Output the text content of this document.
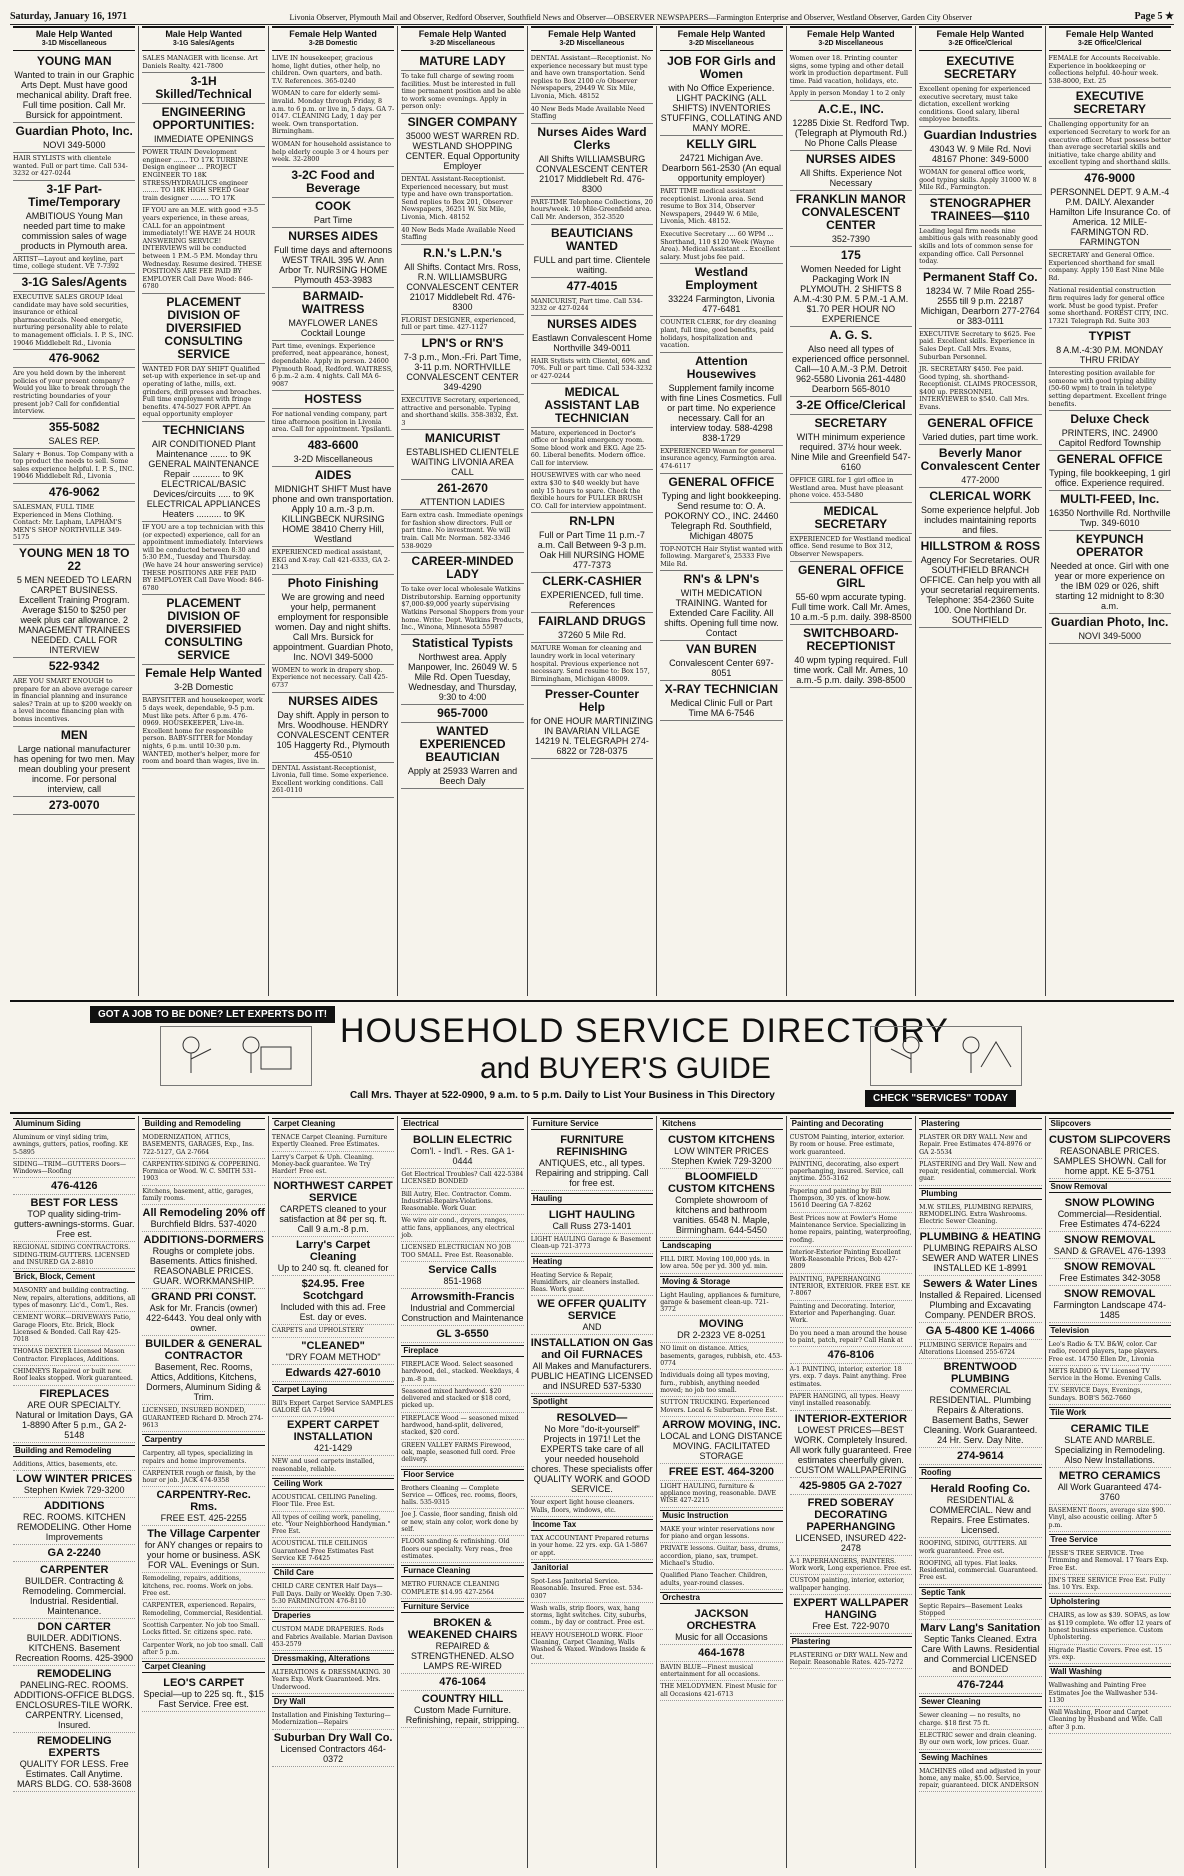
Saturday, January 16, 1971	Livonia Observer, Plymouth Mail and Observer, Redford Observer, Southfield News and Observer—OBSERVER NEWSPAPERS—Farmington Enterprise and Observer, Westland Observer, Garden City Observer	Page 5 ★
Male Help Wanted
3-1D Miscellaneous
YOUNG MAN
Wanted to train in our Graphic Arts Dept. Must have good mechanical ability. Draft free. Full time position. Call Mr. Bursick for appointment.
Guardian Photo, Inc.
NOVI 349-5000
HAIR STYLISTS with clientele wanted. Full or part time. Call 534-3232 or 427-0244
3-1F Part-Time/Temporary
AMBITIOUS Young Man needed part time to make commission sales of wage products in Plymouth area.
ARTIST—Layout and keyline, part time, college student. VE 7-7392
3-1G Sales/Agents
EXECUTIVE SALES GROUP Ideal candidate may have sold securities, insurance or ethical pharmaceuticals. Need energetic, nurturing personality able to relate to management officials. I. P. S., INC. 19046 Middlebelt Rd., Livonia
476-9062
Are you held down by the inherent policies of your present company? Would you like to break through the restricting boundaries of your present job? Call for confidential interview.
355-5082
SALES REP.
Salary + Bonus. Top Company with a top product the needs to sell. Some sales experience helpful. I. P. S., INC. 19046 Middlebelt Rd., Livonia
476-9062
SALESMAN, FULL TIME Experienced in Mens Clothing. Contact: Mr. Lapham, LAPHAM'S MEN'S SHOP NORTHVILLE 349-5175
YOUNG MEN 18 TO 22
5 MEN NEEDED TO LEARN CARPET BUSINESS. Excellent Training Program. Average $150 to $250 per week plus car allowance. 2 MANAGEMENT TRAINEES NEEDED. CALL FOR INTERVIEW
522-9342
ARE YOU SMART ENOUGH to prepare for an above average career in financial planning and insurance sales? Train at up to $200 weekly on a level income financing plan with bonus incentives.
MEN
Large national manufacturer has opening for two men. May mean doubling your present income. For personal interview, call
273-0070
Male Help Wanted
3-1G Sales/Agents
SALES MANAGER with license. Art Daniels Realty. 421-7800
3-1H Skilled/Technical
ENGINEERING OPPORTUNITIES:
IMMEDIATE OPENINGS
POWER TRAIN Development engineer ....... TO 17K TURBINE Design engineer ... PROJECT ENGINEER TO 18K STRESS/HYDRAULICS engineer ........ TO 18K HIGH SPEED Gear train designer ......... TO 17K
IF YOU are an M.E. with good +3-5 years experience, in these areas, CALL for an appointment immediately!! WE HAVE 24 HOUR ANSWERING SERVICE! INTERVIEWS will be conducted between 1 P.M.-5 P.M. Monday thru Wednesday. Resume desired. THESE POSITIONS ARE FEE PAID BY EMPLOYER Call Dave Wood: 846-6780
PLACEMENT DIVISION OF DIVERSIFIED CONSULTING SERVICE
WANTED FOR DAY SHIFT Qualified set-up with experience in set-up and operating of lathe, mills, ext. grinders, drill presses and broaches. Full time employment with fringe benefits. 474-5027 FOR APPT. An equal opportunity employer
TECHNICIANS
AIR CONDITIONED Plant Maintenance ....... to 9K GENERAL MAINTENANCE Repair ........... to 9K ELECTRICAL/BASIC Devices/circuits ..... to 9K ELECTRICAL APPLIANCES Heaters .......... to 9K
IF YOU are a top technician with this (or expected) experience, call for an appointment immediately. Interviews will be conducted between 8:30 and 5:30 P.M., Tuesday and Thursday. (We have 24 hour answering service) THESE POSITIONS ARE FEE PAID BY EMPLOYER Call Dave Wood: 846-6780
PLACEMENT DIVISION OF DIVERSIFIED CONSULTING SERVICE
Female Help Wanted
3-2B Domestic
BABYSITTER and housekeeper, work 5 days week, dependable, 9-5 p.m. Must like pets. After 6 p.m. 476-0969. HOUSEKEEPER, Live-in. Excellent home for responsible person. BABY-SITTER for Monday nights, 6 p.m. until 10:30 p.m. WANTED, mother's helper, more for room and board than wages, live in.
Female Help Wanted
3-2B Domestic
LIVE IN housekeeper, gracious home, light duties, other help, no children. Own quarters, and bath. T.V. References. 365-0240
WOMAN to care for elderly semi-invalid. Monday through Friday, 8 a.m. to 6 p.m. or live in, 5 days. GA 7-0147. CLEANING Lady, 1 day per week. Own transportation. Birmingham.
WOMAN for household assistance to help elderly couple 3 or 4 hours per week. 32-2800
3-2C Food and Beverage
COOK
Part Time
NURSES AIDES
Full time days and afternoons WEST TRAIL 395 W. Ann Arbor Tr. NURSING HOME Plymouth 453-3983
BARMAID-WAITRESS
MAYFLOWER LANES Cocktail Lounge
Part time, evenings. Experience preferred, neat appearance, honest, dependable. Apply in person. 24600 Plymouth Road, Redford. WAITRESS, 6 p.m.-2 a.m. 4 nights. Call MA 6-9087
HOSTESS
For national vending company, part time afternoon position in Livonia area. Call for appointment. Ypsilanti.
483-6600
3-2D Miscellaneous
AIDES
MIDNIGHT SHIFT Must have phone and own transportation. Apply 10 a.m.-3 p.m. KILLINGBECK NURSING HOME 38410 Cherry Hill, Westland
EXPERIENCED medical assistant, EKG and X-ray. Call 421-6333, GA 2-2143
Photo Finishing
We are growing and need your help, permanent employment for responsible women. Day and night shifts. Call Mrs. Bursick for appointment. Guardian Photo, Inc. NOVI 349-5000
WOMEN to work in drapery shop. Experience not necessary. Call 425-6737
NURSES AIDES
Day shift. Apply in person to Mrs. Woodhouse. HENDRY CONVALESCENT CENTER 105 Haggerty Rd., Plymouth 455-0510
DENTAL Assistant-Receptionist, Livonia, full time. Some experience. Excellent working conditions. Call 261-0110
Female Help Wanted
3-2D Miscellaneous
MATURE LADY
To take full charge of sewing room facilities. Must be interested in full time permanent position and be able to work some evenings. Apply in person only:
SINGER COMPANY
35000 WEST WARREN RD. WESTLAND SHOPPING CENTER. Equal Opportunity Employer
DENTAL Assistant-Receptionist. Experienced necessary, but must type and have own transportation. Send replies to Box 201, Observer Newspapers, 36251 W. Six Mile, Livonia, Mich. 48152
40 New Beds Made Available Need Staffing
R.N.'s L.P.N.'s
All Shifts. Contact Mrs. Ross, R.N. WILLIAMSBURG CONVALESCENT CENTER 21017 Middlebelt Rd. 476-8300
FLORIST DESIGNER, experienced, full or part time. 427-1127
LPN'S or RN'S
7-3 p.m., Mon.-Fri. Part Time, 3-11 p.m. NORTHVILLE CONVALESCENT CENTER 349-4290
EXECUTIVE Secretary, experienced, attractive and personable. Typing and shorthand skills. 358-3832, Ext. 3
MANICURIST
ESTABLISHED CLIENTELE WAITING LIVONIA AREA CALL
261-2670
ATTENTION LADIES
Earn extra cash. Immediate openings for fashion show directors. Full or part time. No investment. We will train. Call Mr. Norman. 582-3346 538-9029
CAREER-MINDED LADY
To take over local wholesale Watkins Distributorship. Earning opportunity $7,000-$9,000 yearly supervising Watkins Personal Shoppers from your home. Write: Dept. Watkins Products, Inc., Winona, Minnesota 55987
Statistical Typists
Northwest area. Apply Manpower, Inc. 26049 W. 5 Mile Rd. Open Tuesday, Wednesday, and Thursday, 9:30 to 4:00
965-7000
WANTED EXPERIENCED BEAUTICIAN
Apply at 25933 Warren and Beech Daly
Female Help Wanted
3-2D Miscellaneous
DENTAL Assistant—Receptionist. No experience necessary but must type and have own transportation. Send replies to Box 2100 c/o Observer Newspapers, 29449 W. Six Mile, Livonia, Mich. 48152
40 New Beds Made Available Need Staffing
Nurses Aides Ward Clerks
All Shifts WILLIAMSBURG CONVALESCENT CENTER 21017 Middlebelt Rd. 476-8300
PART-TIME Telephone Collections, 20 hours/week. 10 Mile-Greenfield area. Call Mr. Anderson, 352-3520
BEAUTICIANS WANTED
FULL and part time. Clientele waiting.
477-4015
MANICURIST, Part time. Call 534-3232 or 427-0244
NURSES AIDES
Eastlawn Convalescent Home Northville 349-0011
HAIR Stylists with Clientel, 60% and 70%. Full or part time. Call 534-3232 or 427-0244
MEDICAL ASSISTANT LAB TECHNICIAN
Mature, experienced in Doctor's office or hospital emergency room. Some blood work and EKG. Age 25-60. Liberal benefits. Modern office. Call for interview.
HOUSEWIVES with car who need extra $30 to $40 weekly but have only 15 hours to spare. Check the flexible hours for FULLER BRUSH CO. Call for interview appointment.
RN-LPN
Full or Part Time 11 p.m.-7 a.m. Call Between 9-3 p.m. Oak Hill NURSING HOME 477-7373
CLERK-CASHIER
EXPERIENCED, full time. References
FAIRLAND DRUGS
37260 5 Mile Rd.
MATURE Woman for cleaning and laundry work in local veterinary hospital. Previous experience not necessary. Send resume to: Box 157, Birmingham, Michigan 48009.
Presser-Counter Help
for ONE HOUR MARTINIZING IN BAVARIAN VILLAGE 14219 N. TELEGRAPH 274-6822 or 728-0375
Female Help Wanted
3-2D Miscellaneous
JOB FOR Girls and Women
with No Office Experience. LIGHT PACKING (ALL SHIFTS) INVENTORIES STUFFING, COLLATING AND MANY MORE.
KELLY GIRL
24721 Michigan Ave. Dearborn 561-2530 (An equal opportunity employer)
PART TIME medical assistant receptionist. Livonia area. Send resume to Box 314, Observer Newspapers, 29449 W. 6 Mile, Livonia, Mich. 48152.
Executive Secretary .... 60 WPM ... Shorthand, 110 $120 Week (Wayne Area). Medical Assistant ... Excellent salary. Must jobs fee paid.
Westland Employment
33224 Farmington, Livonia 477-6481
COUNTER CLERK, for dry cleaning plant, full time, good benefits, paid holidays, hospitalization and vacation.
Attention Housewives
Supplement family income with fine Lines Cosmetics. Full or part time. No experience necessary. Call for an interview today. 588-4298 838-1729
EXPERIENCED Woman for general insurance agency, Farmington area. 474-6117
GENERAL OFFICE
Typing and light bookkeeping. Send resume to: O. A. POKORNY CO., INC. 24460 Telegraph Rd. Southfield, Michigan 48075
TOP-NOTCH Hair Stylist wanted with following. Margaret's, 25333 Five Mile Rd.
RN's & LPN's
WITH MEDICATION TRAINING. Wanted for Extended Care Facility. All shifts. Opening full time now. Contact
VAN BUREN
Convalescent Center 697-8051
X-RAY TECHNICIAN
Medical Clinic Full or Part Time MA 6-7546
Female Help Wanted
3-2D Miscellaneous
Women over 18. Printing counter signs, some typing and other detail work in production department. Full time. Paid vacation, holidays, etc.
Apply in person Monday 1 to 2 only
A.C.E., INC.
12285 Dixie St. Redford Twp. (Telegraph at Plymouth Rd.) No Phone Calls Please
NURSES AIDES
All Shifts. Experience Not Necessary
FRANKLIN MANOR CONVALESCENT CENTER
352-7390
175
Women Needed for Light Packaging Work IN PLYMOUTH. 2 SHIFTS 8 A.M.-4:30 P.M. 5 P.M.-1 A.M. $1.70 PER HOUR NO EXPERIENCE
A. G. S.
Also need all types of experienced office personnel. Call—10 A.M.-3 P.M. Detroit 962-5580 Livonia 261-4480 Dearborn 565-8010
3-2E Office/Clerical
SECRETARY
WITH minimum experience required. 37½ hour week. Nine Mile and Greenfield 547-6160
OFFICE GIRL for 1 girl office in Westland area. Must have pleasant phone voice. 453-5480
MEDICAL SECRETARY
EXPERIENCED for Westland medical office. Send resume to Box 312, Observer Newspapers.
GENERAL OFFICE GIRL
55-60 wpm accurate typing. Full time work. Call Mr. Ames, 10 a.m.-5 p.m. daily. 398-8500
SWITCHBOARD-RECEPTIONIST
40 wpm typing required. Full time work. Call Mr. Ames, 10 a.m.-5 p.m. daily. 398-8500
Female Help Wanted
3-2E Office/Clerical
EXECUTIVE SECRETARY
Excellent opening for experienced executive secretary, must take dictation, excellent working conditions. Good salary, liberal employee benefits.
Guardian Industries
43043 W. 9 Mile Rd. Novi 48167 Phone: 349-5000
WOMAN for general office work, good typing skills. Apply 31000 W. 8 Mile Rd., Farmington.
STENOGRAPHER TRAINEES—$110
Leading legal firm needs nine ambitious gals with reasonably good skills and lots of common sense for expanding office. Call Personnel today.
Permanent Staff Co.
18234 W. 7 Mile Road 255-2555 till 9 p.m. 22187 Michigan, Dearborn 277-2764 or 383-0111
EXECUTIVE Secretary to $625. Fee paid. Excellent skills. Experience in Sales Dept. Call Mrs. Evans, Suburban Personnel.
JR. SECRETARY $450. Fee paid. Good typing, sh. shorthand-Receptionist. CLAIMS PROCESSOR, $400 up. PERSONNEL INTERVIEWER to $540. Call Mrs. Evans.
GENERAL OFFICE
Varied duties, part time work.
Beverly Manor Convalescent Center
477-2000
CLERICAL WORK
Some experience helpful. Job includes maintaining reports and files.
HILLSTROM & ROSS
Agency For Secretaries. OUR SOUTHFIELD BRANCH OFFICE. Can help you with all your secretarial requirements. Telephone: 354-2360 Suite 100. One Northland Dr. SOUTHFIELD
Female Help Wanted
3-2E Office/Clerical
FEMALE for Accounts Receivable. Experience in bookkeeping or collections helpful. 40-hour week. 538-8000, Ext. 25
EXECUTIVE SECRETARY
Challenging opportunity for an experienced Secretary to work for an executive officer. Must possess better than average secretarial skills and initiative, take charge ability and excellent typing and shorthand skills.
476-9000
PERSONNEL DEPT. 9 A.M.-4 P.M. DAILY. Alexander Hamilton Life Insurance Co. of America. 12 MILE-FARMINGTON RD. FARMINGTON
SECRETARY and General Office. Experienced shorthand for small company. Apply 150 East Nine Mile Rd.
National residential construction firm requires lady for general office work. Must be good typist. Prefer some shorthand. FOREST CITY, INC. 17321 Telegraph Rd. Suite 303
TYPIST
8 A.M.-4:30 P.M. MONDAY THRU FRIDAY
Interesting position available for someone with good typing ability (50-60 wpm) to train in teletype setting department. Excellent fringe benefits.
Deluxe Check
PRINTERS, INC. 24900 Capitol Redford Township
GENERAL OFFICE
Typing, file bookkeeping, 1 girl office. Experience required.
MULTI-FEED, Inc.
16350 Northville Rd. Northville Twp. 349-6010
KEYPUNCH OPERATOR
Needed at once. Girl with one year or more experience on the IBM 029 or 026, shift starting 12 midnight to 8:30 a.m.
Guardian Photo, Inc.
NOVI 349-5000
GOT A JOB TO BE DONE? LET EXPERTS DO IT! HOUSEHOLD SERVICE DIRECTORY
and BUYER'S GUIDE
Call Mrs. Thayer at 522-0900, 9 a.m. to 5 p.m. Daily to List Your Business in This Directory	CHECK "SERVICES" TODAY
Aluminum Siding
Aluminum or vinyl siding trim, awnings, gutters, patios, roofing. KE 5-5895
SIDING—TRIM—GUTTERS Doors—Windows—Roofing
476-4126
BEST FOR LESS
TOP quality siding-trim-gutters-awnings-storms. Guar. Free est.
REGIONAL SIDING CONTRACTORS. SIDING-TRIM-GUTTERS. LICENSED and INSURED GA 2-8810
Brick, Block, Cement
MASONRY and building contracting. New, repairs, alterations, additions, all types of masonry. Lic'd., Com'l., Res.
CEMENT WORK—DRIVEWAYS Patio, Garage Floors, Etc. Brick, Block Licensed & Bonded. Call Ray 425-7018
THOMAS DEXTER Licensed Mason Contractor. Fireplaces, Additions.
CHIMNEYS Repaired or built new. Roof leaks stopped. Work guaranteed.
FIREPLACES
ARE OUR SPECIALTY. Natural or Imitation Days, GA 1-8890 After 5 p.m., GA 2-5148
Building and Remodeling
Additions, Attics, basements, etc.
LOW WINTER PRICES
Stephen Kwiek 729-3200
ADDITIONS
REC. ROOMS. KITCHEN REMODELING. Other Home Improvements
GA 2-2240
CARPENTER
BUILDER. Contracting & Remodeling. Commercial. Industrial. Residential. Maintenance.
DON CARTER
BUILDER. ADDITIONS. KITCHENS. Basement Recreation Rooms. 425-3900
REMODELING
PANELING-REC. ROOMS. ADDITIONS-OFFICE BLDGS. ENCLOSURES-TILE WORK. CARPENTRY. Licensed, Insured.
REMODELING EXPERTS
QUALITY FOR LESS. Free Estimates. Call Anytime. MARS BLDG. CO. 538-3608
Building and Remodeling
MODERNIZATION, ATTICS, BASEMENTS, GARAGES, Exp., Ins. 722-5127, GA 2-7664
CARPENTRY-SIDING & COPPERING. Formica or Wood. W. C. SMITH 531-1903
Kitchens, basement, attic, garages, family rooms.
All Remodeling 20% off
Burchfield Bldrs. 537-4020
ADDITIONS-DORMERS
Roughs or complete jobs. Basements. Attics finished. REASONABLE PRICES. GUAR. WORKMANSHIP.
GRAND PRI CONST.
Ask for Mr. Francis (owner) 422-6443. You deal only with owner.
BUILDER & GENERAL CONTRACTOR
Basement, Rec. Rooms, Attics, Additions, Kitchens, Dormers, Aluminum Siding & Trim.
LICENSED, INSURED BONDED, GUARANTEED Richard D. Mroch 274-9613
Carpentry
Carpentry, all types, specializing in repairs and home improvements.
CARPENTER rough or finish, by the hour or job. JACK 474-9358
CARPENTRY-Rec. Rms.
FREE EST. 425-2255
The Village Carpenter
for ANY changes or repairs to your home or business. ASK FOR VAL. Evenings or Sun.
Remodeling, repairs, additions, kitchens, rec. rooms. Work on jobs. Free est.
CARPENTER, experienced. Repairs, Remodeling, Commercial, Residential.
Scottish Carpenter. No job too Small. Locks fitted. Sr. citizens spec. rate.
Carpenter Work, no job too small. Call after 5 p.m.
Carpet Cleaning
LEO'S CARPET
Special—up to 225 sq. ft., $15 Fast Service. Free est.
Carpet Cleaning
TENACE Carpet Cleaning. Furniture Expertly Cleaned. Free Estimates.
Larry's Carpet & Uph. Cleaning. Money-back guarantee. We Try Harder! Free est.
NORTHWEST CARPET SERVICE
CARPETS cleaned to your satisfaction at 8¢ per sq. ft. Call 9 a.m.-8 p.m.
Larry's Carpet Cleaning
Up to 240 sq. ft. cleaned for
$24.95. Free Scotchgard
Included with this ad. Free Est. day or eves.
CARPETS and UPHOLSTERY
"CLEANED"
"DRY FOAM METHOD"
Edwards 427-6010
Carpet Laying
Bill's Expert Carpet Service SAMPLES GALORE GA 7-1994
EXPERT CARPET INSTALLATION
421-1429
NEW and used carpets installed, reasonable, reliable.
Ceiling Work
ACOUSTICAL CEILING Paneling. Floor Tile. Free Est.
All types of ceiling work, paneling, etc. "Your Neighborhood Handyman." Free Est.
ACOUSTICAL TILE CEILINGS Guaranteed Free Estimates Fast Service KE 7-6425
Child Care
CHILD CARE CENTER Half Days—Full Days. Daily or Weekly. Open 7:30-5:30 FARMINGTON 476-8110
Draperies
CUSTOM MADE DRAPERIES. Rods and Fabrics Available. Marian Davison 453-2579
Dressmaking, Alterations
ALTERATIONS & DRESSMAKING. 30 Years Exp. Work Guaranteed. Mrs. Underwood.
Dry Wall
Installation and Finishing Texturing—Modernization—Repairs
Suburban Dry Wall Co.
Licensed Contractors 464-0372
Electrical
BOLLIN ELECTRIC
Com'l. - Ind'l. - Res. GA 1-0444
Get Electrical Troubles? Call 422-5384 LICENSED BONDED
Bill Autry, Elec. Contractor. Comm. Industrial-Repairs-Violations. Reasonable. Work Guar.
We wire air cond., dryers, ranges, attic fans, appliances, any electrical job.
LICENSED ELECTRICIAN NO JOB TOO SMALL. Free Est. Reasonable.
Service Calls
851-1968
Arrowsmith-Francis
Industrial and Commercial Construction and Maintenance
GL 3-6550
Fireplace
FIREPLACE Wood. Select seasoned hardwood, del., stacked. Weekdays, 4 p.m.-8 p.m.
Seasoned mixed hardwood. $20 delivered and stacked or $18 cord, picked up.
FIREPLACE Wood — seasoned mixed hardwood, hand-split, delivered, stacked, $20 cord.
GREEN VALLEY FARMS Firewood, oak, maple, seasoned full cord. Free delivery.
Floor Service
Brothers Cleaning — Complete Service — Offices, rec. rooms, floors, halls. 535-9315
Joe J. Cassie, floor sanding, finish old or new, stain any color, work done by self.
FLOOR sanding & refinishing. Old floors our specialty. Very reas., free estimates.
Furnace Cleaning
METRO FURNACE CLEANING COMPLETE $14.95 427-2564
Furniture Service
BROKEN & WEAKENED CHAIRS
REPAIRED & STRENGTHENED. ALSO LAMPS RE-WIRED
476-1064
COUNTRY HILL
Custom Made Furniture. Refinishing, repair, stripping.
Furniture Service
FURNITURE REFINISHING
ANTIQUES, etc., all types. Repairing and stripping. Call for free est.
Hauling
LIGHT HAULING
Call Russ 273-1401
LIGHT HAULING Garage & Basement Clean-up 721-3773
Heating
Heating Service & Repair, Humidifiers, air cleaners installed. Reas. Work guar.
WE OFFER QUALITY SERVICE
AND
INSTALLATION ON Gas and Oil FURNACES
All Makes and Manufacturers. PUBLIC HEATING LICENSED and INSURED 537-5330
Spotlight
RESOLVED—
No More "do-it-yourself" Projects in 1971! Let the EXPERTS take care of all your needed household chores. These specialists offer QUALITY WORK and GOOD SERVICE.
Your expert light house cleaners. Walls, floors, windows, etc.
Income Tax
TAX ACCOUNTANT Prepared returns in your home. 22 yrs. exp. GA 1-5867 or appt.
Janitorial
Spot-Less Janitorial Service. Reasonable. Insured. Free est. 534-0307
Wash walls, strip floors, wax, hang storms, light switches. City, suburbs, comm., by day or contract. Free est.
HEAVY HOUSEHOLD WORK. Floor Cleaning, Carpet Cleaning, Walls Washed & Waxed. Windows Inside & Out.
Kitchens
CUSTOM KITCHENS
LOW WINTER PRICES Stephen Kwiek 729-3200
BLOOMFIELD CUSTOM KITCHENS
Complete showroom of kitchens and bathroom vanities. 6548 N. Maple, Birmingham. 644-5450
Landscaping
FILL DIRT. Moving 100,000 yds. in low area. 50¢ per yd. 300 yd. min.
Moving & Storage
Light Hauling, appliances & furniture, garage & basement clean-up. 721-3772
MOVING
DR 2-2323 VE 8-0251
NO limit on distance. Attics, basements, garages, rubbish, etc. 453-0774
Individuals doing all types moving, furn., rubbish, anything needed moved; no job too small.
SUTTON TRUCKING. Experienced Movers. Local & Suburban. Free Est.
ARROW MOVING, INC.
LOCAL and LONG DISTANCE MOVING. FACILITATED STORAGE
FREE EST. 464-3200
LIGHT HAULING, furniture & appliance moving, reasonable. DAVE WISE 427-2215
Music Instruction
MAKE your winter reservations now for piano and organ lessons.
PRIVATE lessons. Guitar, bass, drums, accordion, piano, sax, trumpet. Michael's Studio.
Qualified Piano Teacher. Children, adults, year-round classes.
Orchestra
JACKSON ORCHESTRA
Music for all Occasions
464-1678
BAVIN BLUE—Finest musical entertainment for all occasions.
THE MELODYMEN. Finest Music for all Occasions 421-6713
Painting and Decorating
CUSTOM Painting, interior, exterior. By room or house. Free estimate, work guaranteed.
PAINTING, decorating, also expert paperhanging, insured. Service, call anytime. 255-3162
Papering and painting by Bill Thompson, 30 yrs. of know-how. 15610 Deering GA 7-8262
Best Prices now at Fowler's Home Maintenance Service. Specializing in home repairs, painting, waterproofing, roofing.
Interior-Exterior Painting Excellent Work-Reasonable Prices, Bob 427-2809
PAINTING, PAPERHANGING INTERIOR, EXTERIOR. FREE EST. KE 7-8067
Painting and Decorating. Interior, Exterior and Paperhanging. Guar. Work.
Do you need a man around the house to paint, patch, repair? Call Hank at
476-8106
A-1 PAINTING, interior, exterior. 18 yrs. exp. 7 days. Paint anything. Free estimates.
PAPER HANGING, all types. Heavy vinyl installed reasonably.
INTERIOR-EXTERIOR
LOWEST PRICES—BEST WORK. Completely Insured. All work fully guaranteed. Free estimates cheerfully given. CUSTOM WALLPAPERING
425-9805 GA 2-7027
FRED SOBERAY DECORATING PAPERHANGING
LICENSED, INSURED 422-2478
A-1 PAPERHANGERS, PAINTERS. Work work, Long experience. Free est.
CUSTOM painting, interior, exterior, wallpaper hanging.
EXPERT WALLPAPER HANGING
Free Est. 722-9070
Plastering
PLASTERING or DRY WALL New and Repair. Reasonable Rates. 425-7272
Plastering
PLASTER OR DRY WALL New and Repair. Free Estimates 474-8976 or GA 2-5534
PLASTERING and Dry Wall. New and repair, residential, commercial. Work guar.
Plumbing
M.W. STILES, PLUMBING REPAIRS, REMODELING. Extra Washrooms. Electric Sewer Cleaning.
PLUMBING & HEATING
PLUMBING REPAIRS ALSO SEWER AND WATER LINES INSTALLED KE 1-8991
Sewers & Water Lines
Installed & Repaired. Licensed Plumbing and Excavating Company. PENDER BROS.
GA 5-4800 KE 1-4066
PLUMBING SERVICE Repairs and Alterations Licensed 255-6724
BRENTWOOD PLUMBING
COMMERCIAL RESIDENTIAL. Plumbing Repairs & Alterations. Basement Baths, Sewer Cleaning. Work Guaranteed. 24 Hr. Serv. Day Nite.
274-9614
Roofing
Herald Roofing Co.
RESIDENTIAL & COMMERCIAL. New and Repairs. Free Estimates. Licensed.
ROOFING, SIDING, GUTTERS. All work guaranteed. Free est.
ROOFING, all types. Flat leaks. Residential, commercial. Guaranteed. Free est.
Septic Tank
Septic Repairs—Basement Leaks Stopped
Marv Lang's Sanitation
Septic Tanks Cleaned. Extra Care With Lawns. Residential and Commercial LICENSED and BONDED
476-7244
Sewer Cleaning
Sewer cleaning — no results, no charge. $18 first 75 ft.
ELECTRIC sewer and drain cleaning. By our own work, low prices. Guar.
Sewing Machines
MACHINES oiled and adjusted in your home, any make, $5.00. Service, repair, guaranteed. DICK ANDERSON
Slipcovers
CUSTOM SLIPCOVERS
REASONABLE PRICES. SAMPLES SHOWN. Call for home appt. KE 5-3751
Snow Removal
SNOW PLOWING
Commercial—Residential. Free Estimates 474-6224
SNOW REMOVAL
SAND & GRAVEL 476-1393
SNOW REMOVAL
Free Estimates 342-3058
SNOW REMOVAL
Farmington Landscape 474-1485
Television
Leo's Radio & T.V. B&W, color. Car radio, record players, tape players. Free est. 14750 Ellen Dr., Livonia
METS RADIO & TV Licensed TV Service in the Home. Evening Calls.
T.V. SERVICE Days, Evenings, Sundays. BOB'S 562-7660
Tile Work
CERAMIC TILE
SLATE AND MARBLE. Specializing in Remodeling. Also New Installations.
METRO CERAMICS
All Work Guaranteed 474-3760
BASEMENT floors, average size $90. Vinyl, also acoustic ceiling. After 5 p.m.
Tree Service
JESSE'S TREE SERVICE. Tree Trimming and Removal. 17 Years Exp. Free Est.
JIM'S TREE SERVICE Free Est. Fully Ins. 10 Yrs. Exp.
Upholstering
CHAIRS, as low as $39. SOFAS, as low as $119 complete. We offer 12 years of honest business experience. Custom Upholstering.
Higrade Plastic Covers. Free est. 15 yrs. exp.
Wall Washing
Wallwashing and Painting Free Estimates Joe the Wallwasher 534-1130
Wall Washing, Floor and Carpet Cleaning by Husband and Wife. Call after 3 p.m.
